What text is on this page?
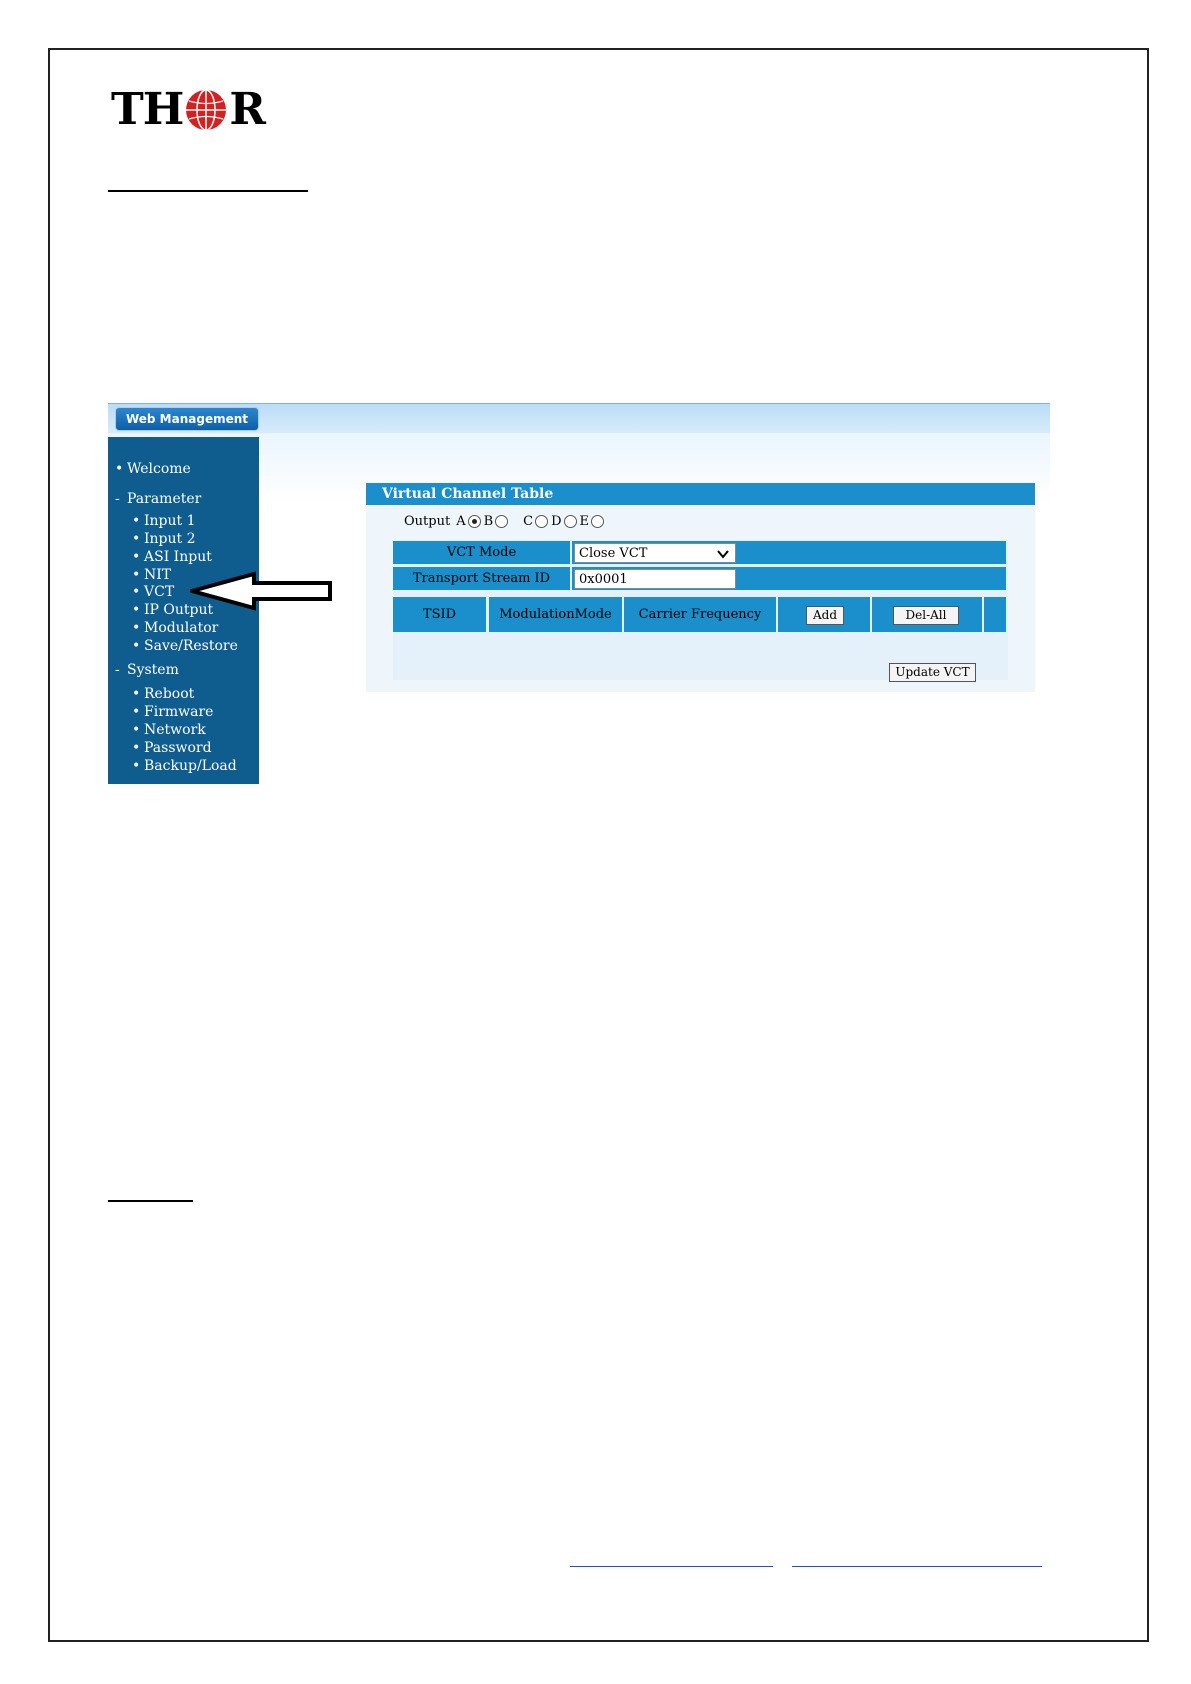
TH R
Web Management
• Welcome
- Parameter
• Input 1
• Input 2
• ASI Input
• NIT
• VCT
• IP Output
• Modulator
• Save/Restore
- System
• Reboot
• Firmware
• Network
• Password
• Backup/Load
Virtual Channel Table
Output A B C D E
VCT Mode	Close VCT
Transport Stream ID	0x0001
TSID	ModulationMode	Carrier Frequency	Add	Del-All
Update VCT
